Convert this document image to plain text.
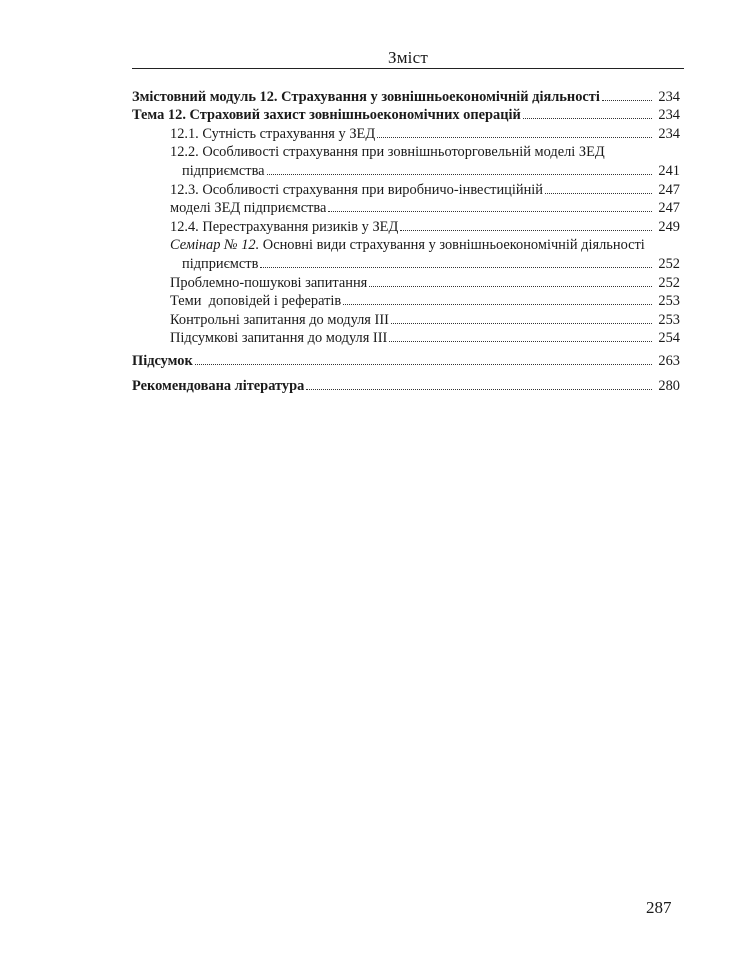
Зміст
Змістовний модуль 12. Страхування у зовнішньоекономічній діяльності	234
Тема 12. Страховий захист зовнішньоекономічних операцій	234
12.1. Сутність страхування у ЗЕД	234
12.2. Особливості страхування при зовнішньоторговельній моделі ЗЕД
підприємства	241
12.3. Особливості страхування при виробничо-інвестиційній	247
моделі ЗЕД підприємства	247
12.4. Перестрахування ризиків у ЗЕД	249
Семінар № 12. Основні види страхування у зовнішньоекономічній діяльності
підприємств	252
Проблемно-пошукові запитання	252
Теми  доповідей і рефератів	253
Контрольні запитання до модуля ІІІ	253
Підсумкові запитання до модуля ІІІ	254
Підсумок	263
Рекомендована література	280
287
